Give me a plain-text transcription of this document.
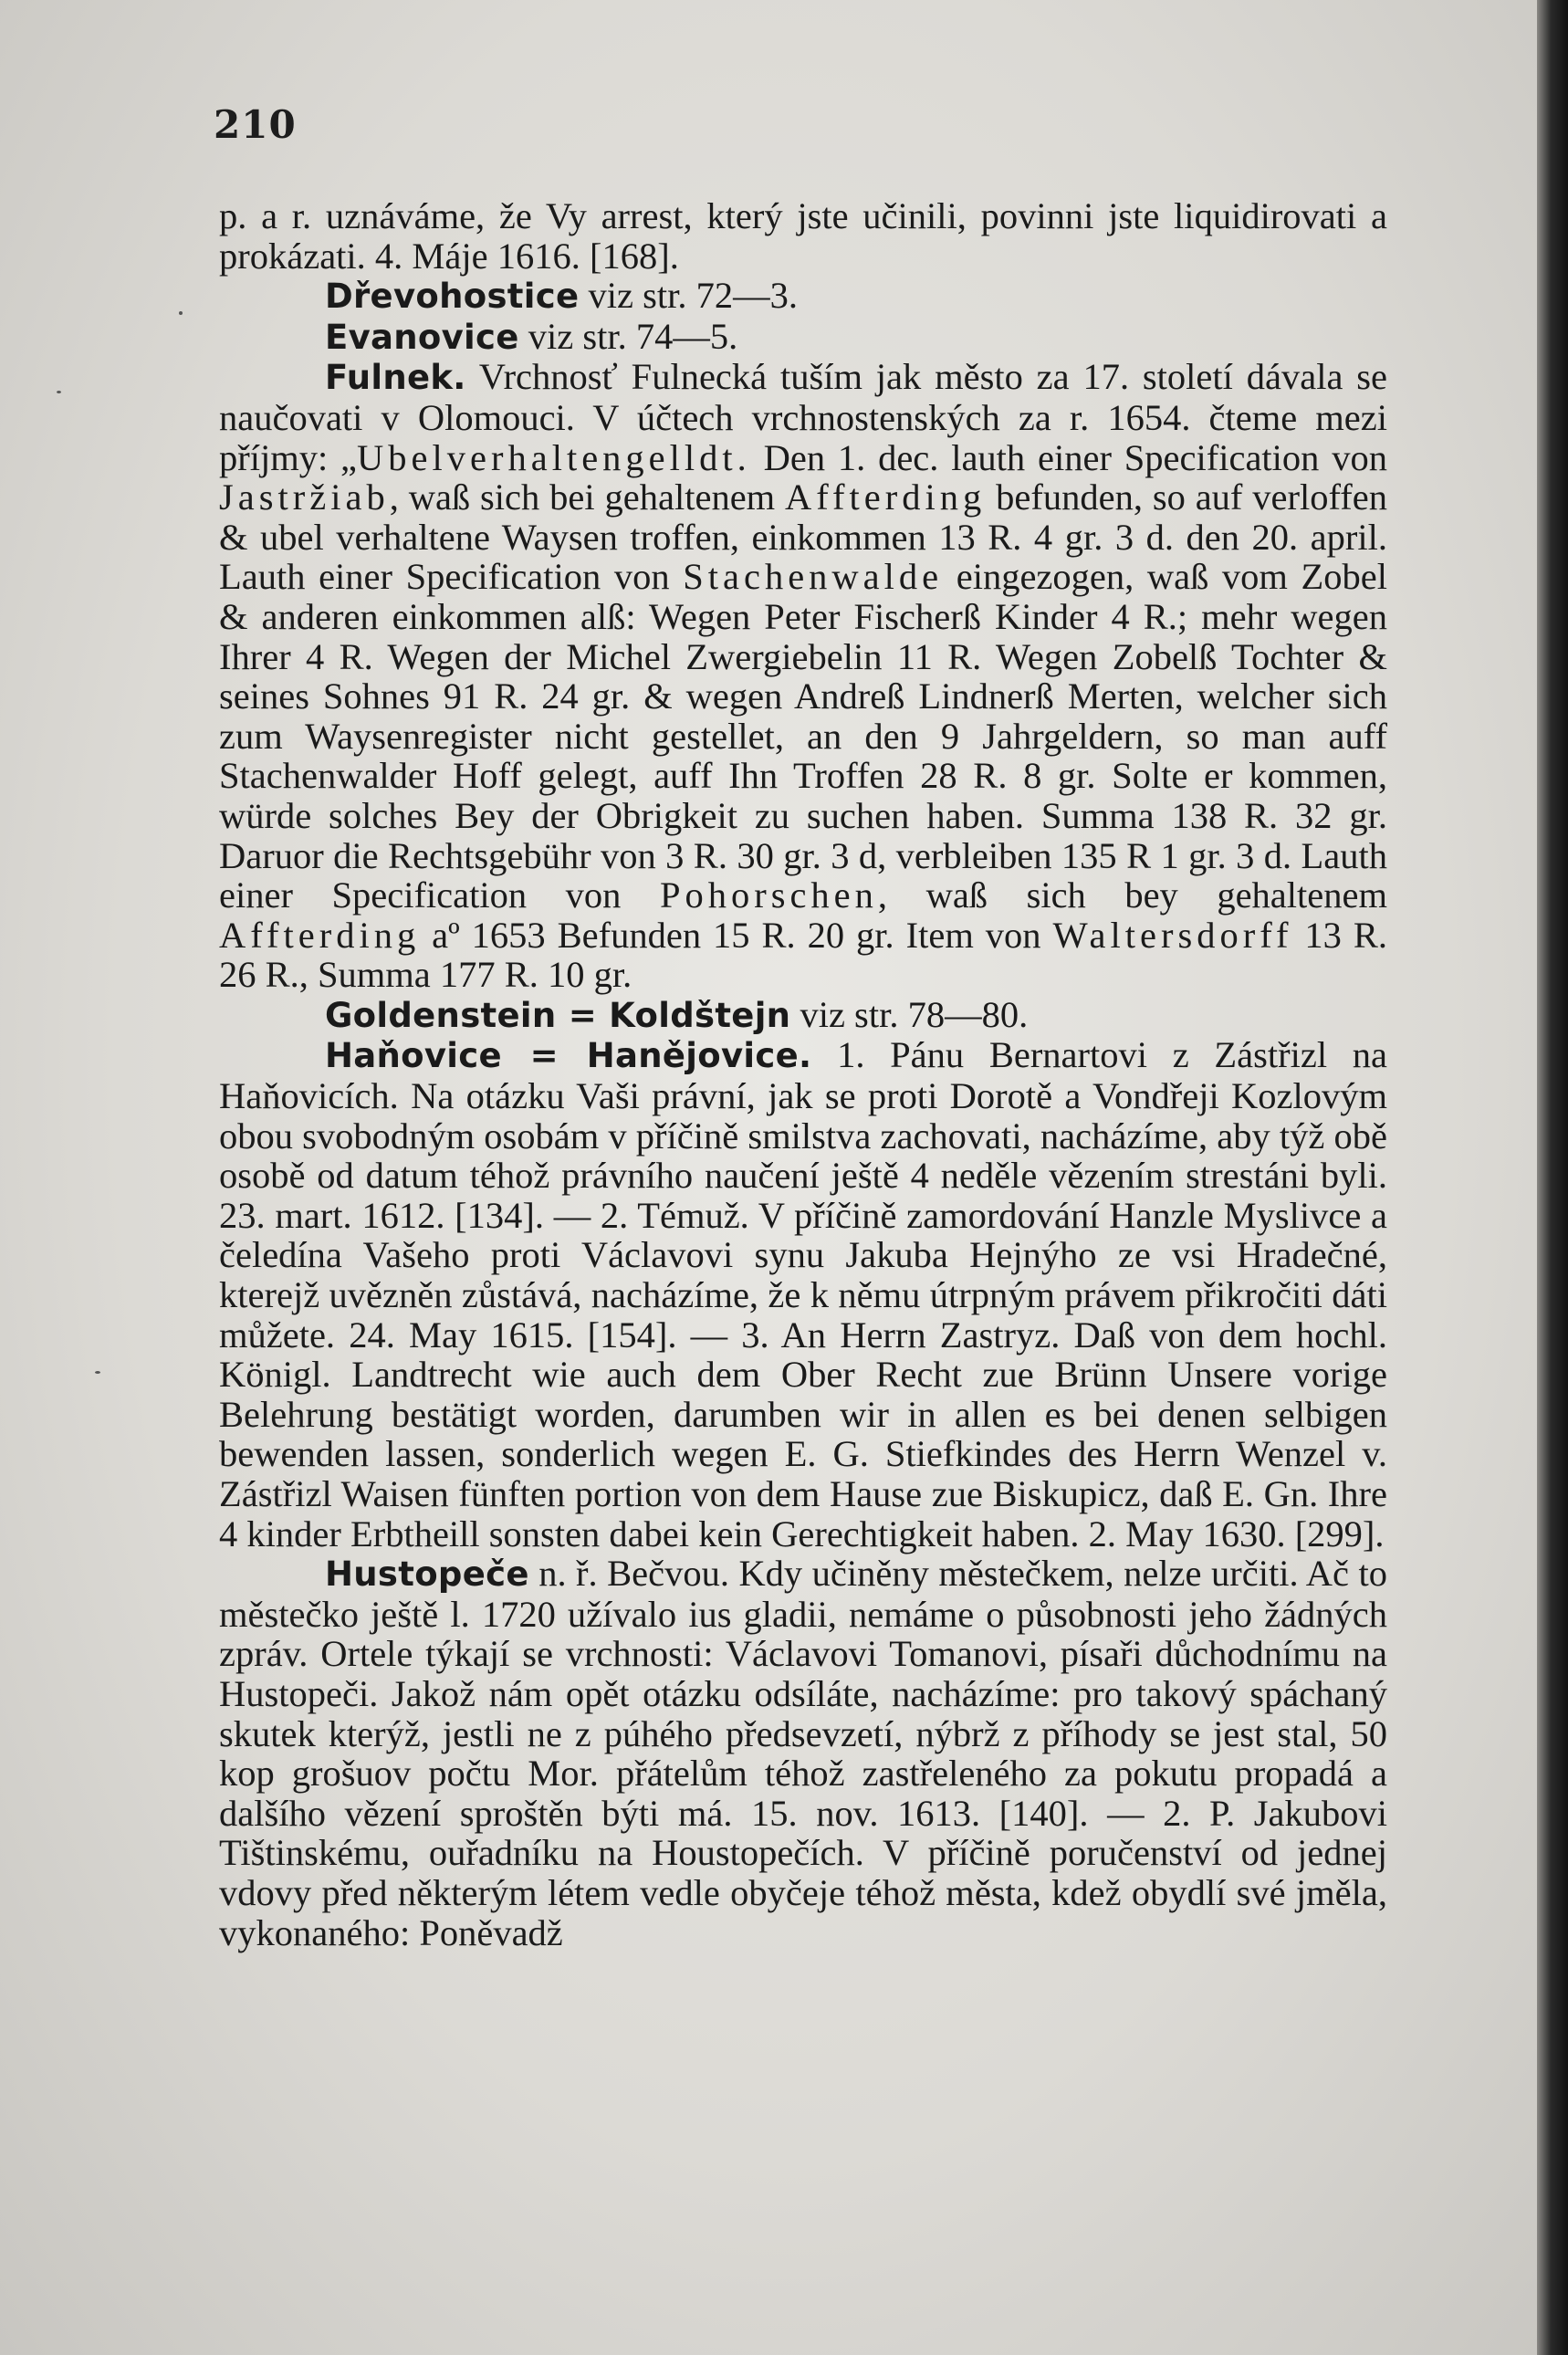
210

p. a r. uznáváme, že Vy arrest, který jste učinili, povinni jste liquidirovati a prokázati. 4. Máje 1616. [168].

Dřevohostice viz str. 72—3.

Evanovice viz str. 74—5.

Fulnek. Vrchnosť Fulnecká tuším jak město za 17. století dávala se naučovati v Olomouci. V účtech vrchnostenských za r. 1654. čteme mezi příjmy: „Ubelverhaltengelldt. Den 1. dec. lauth einer Specification von Jastržiab, waß sich bei gehaltenem Affterding befunden, so auf verloffen & ubel verhaltene Waysen troffen, einkommen 13 R. 4 gr. 3 d. den 20. april. Lauth einer Specification von Stachenwalde eingezogen, waß vom Zobel & anderen einkommen alß: Wegen Peter Fischerß Kinder 4 R.; mehr wegen Ihrer 4 R. Wegen der Michel Zwergiebelin 11 R. Wegen Zobelß Tochter & seines Sohnes 91 R. 24 gr. & wegen Andreß Lindnerß Merten, welcher sich zum Waysenregister nicht gestellet, an den 9 Jahrgeldern, so man auff Stachenwalder Hoff gelegt, auff Ihn Troffen 28 R. 8 gr. Solte er kommen, würde solches Bey der Obrigkeit zu suchen haben. Summa 138 R. 32 gr. Daruor die Rechtsgebühr von 3 R. 30 gr. 3 d, verbleiben 135 R 1 gr. 3 d. Lauth einer Specification von Pohorschen, waß sich bey gehaltenem Affterding aº 1653 Befunden 15 R. 20 gr. Item von Waltersdorff 13 R. 26 R., Summa 177 R. 10 gr.

Goldenstein = Koldštejn viz str. 78—80.

Haňovice = Hanějovice. 1. Pánu Bernartovi z Zástřizl na Haňovicích. Na otázku Vaši právní, jak se proti Dorotě a Vondřeji Kozlovým obou svobodným osobám v příčině smilstva zachovati, nacházíme, aby týž obě osobě od datum téhož právního naučení ještě 4 neděle vězením strestáni byli. 23. mart. 1612. [134]. — 2. Témuž. V příčině zamordování Hanzle Myslivce a čeledína Vašeho proti Václavovi synu Jakuba Hejnýho ze vsi Hradečné, kterejž uvězněn zůstává, nacházíme, že k němu útrpným právem přikročiti dáti můžete. 24. May 1615. [154]. — 3. An Herrn Zastryz. Daß von dem hochl. Königl. Landtrecht wie auch dem Ober Recht zue Brünn Unsere vorige Belehrung bestätigt worden, darumben wir in allen es bei denen selbigen bewenden lassen, sonderlich wegen E. G. Stiefkindes des Herrn Wenzel v. Zástřizl Waisen fünften portion von dem Hause zue Biskupicz, daß E. Gn. Ihre 4 kinder Erbtheill sonsten dabei kein Gerechtigkeit haben. 2. May 1630. [299].

Hustopeče n. ř. Bečvou. Kdy učiněny městečkem, nelze určiti. Ač to městečko ještě l. 1720 užívalo ius gladii, nemáme o působnosti jeho žádných zpráv. Ortele týkají se vrchnosti: Václavovi Tomanovi, písaři důchodnímu na Hustopeči. Jakož nám opět otázku odsíláte, nacházíme: pro takový spáchaný skutek kterýž, jestli ne z púhého předsevzetí, nýbrž z příhody se jest stal, 50 kop grošuov počtu Mor. přátelům téhož zastřeleného za pokutu propadá a dalšího vězení sproštěn býti má. 15. nov. 1613. [140]. — 2. P. Jakubovi Tištinskému, ouřadníku na Houstopečích. V příčině poručenství od jednej vdovy před některým létem vedle obyčeje téhož města, kdež obydlí své jměla, vykonaného: Poněvadž
